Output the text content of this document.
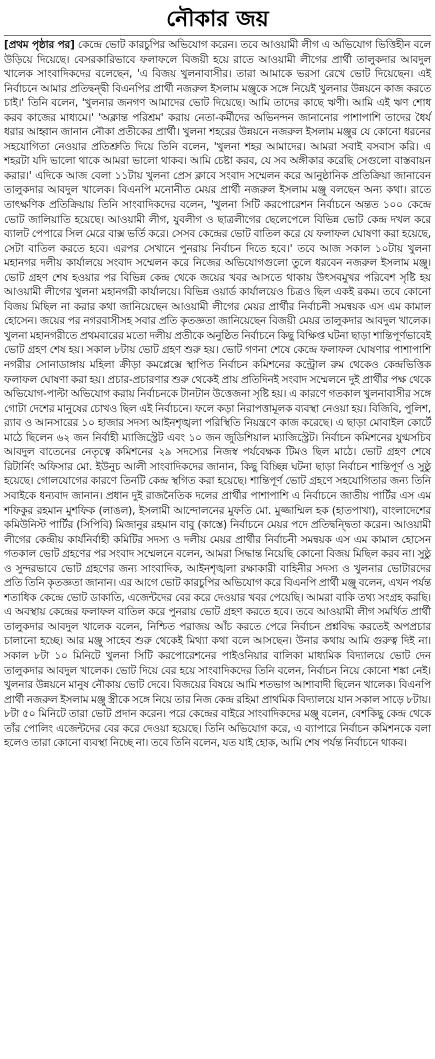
নৌকার জয়

[প্রথম পৃষ্ঠার পর] কেন্দ্রে ভোট কারচুপির অভিযোগ করেন। তবে আওয়ামী লীগ এ অভিযোগ ভিত্তিহীন বলে উড়িয়ে দিয়েছে। বেসরকারিভাবে ফলাফলে বিজয়ী হয়ে রাতে আওয়ামী লীগের প্রার্থী তালুকদার আবদুল খালেক সাংবাদিকদের বলেছেন, 'এ বিজয় খুলনাবাসীর। তারা আমাকে ভরসা রেখে ভোট দিয়েছেন। এই নির্বাচনে আমার প্রতিদ্বন্দ্বী বিএনপির প্রার্থী নজরুল ইসলাম মঞ্জুকে সঙ্গে নিয়েই খুলনার উন্নয়নে কাজ করতে চাই।' তিনি বলেন, 'খুলনার জনগণ আমাদের ভোট দিয়েছে। আমি তাদের কাছে ঋণী। আমি এই ঋণ শোধ করব কাজের মাধ্যমে।' 'অক্লান্ত পরিশ্রম' করায় নেতা-কর্মীদের অভিনন্দন জানানোর পাশাপাশি তাদের ধৈর্য ধরার আহ্বান জানান নৌকা প্রতীকের প্রার্থী। খুলনা শহরের উন্নয়নে নজরুল ইসলাম মঞ্জুর যে কোনো ধরনের সহযোগিতা নেওয়ার প্রতিশ্রুতি দিয়ে তিনি বলেন, 'খুলনা শহর আমাদের। আমরা সবাই বসবাস করি। এ শহরটা যদি ভালো থাকে আমরা ভালো থাকব। আমি চেষ্টা করব, যে সব অঙ্গীকার করেছি সেগুলো বাস্তবায়ন করার।' এদিকে আজ বেলা ১১টায় খুলনা প্রেস ক্লাবে সংবাদ সম্মেলন করে আনুষ্ঠানিক প্রতিক্রিয়া জানাবেন তালুকদার আবদুল খালেক। বিএনপি মনোনীত মেয়র প্রার্থী নজরুল ইসলাম মঞ্জু বলছেন অন্য কথা। রাতে তাৎক্ষণিক প্রতিক্রিয়ায় তিনি সাংবাদিকদের বলেন, 'খুলনা সিটি করপোরেশন নির্বাচনে অন্তত ১০০ কেন্দ্রে ভোট জালিয়াতি হয়েছে। আওয়ামী লীগ, যুবলীগ ও ছাত্রলীগের ছেলেপেলে বিভিন্ন ভোট কেন্দ্র দখল করে ব্যালট পেপারে সিল মেরে বাক্স ভর্তি করে। সেসব কেন্দ্রের ভোট বাতিল করে যে ফলাফল ঘোষণা করা হয়েছে, সেটা বাতিল করতে হবে। এরপর সেখানে পুনরায় নির্বাচন দিতে হবে।' তবে আজ সকাল ১০টায় খুলনা মহানগর দলীয় কার্যালয়ে সংবাদ সম্মেলন করে নিজের অভিযোগগুলো তুলে ধরবেন নজরুল ইসলাম মঞ্জু। ভোট গ্রহণ শেষ হওয়ার পর বিভিন্ন কেন্দ্র থেকে জয়ের খবর আসতে থাকায় উৎসবমুখর পরিবেশ সৃষ্টি হয় আওয়ামী লীগের খুলনা মহানগরী কার্যালয়ে। বিভিন্ন ওয়ার্ড কার্যালয়েও চিত্রও ছিল একই রকম। তবে কোনো বিজয় মিছিল না করার কথা জানিয়েছেন আওয়ামী লীগের মেয়র প্রার্থীর নির্বাচনী সমন্বয়ক এস এম কামাল হোসেন। জয়ের পর নগরবাসীসহ সবার প্রতি কৃতজ্ঞতা জানিয়েছেন বিজয়ী মেয়র তালুকদার আবদুল খালেক। খুলনা মহানগরীতে প্রথমবারের মতো দলীয় প্রতীকে অনুষ্ঠিত নির্বাচনে কিছু বিক্ষিপ্ত ঘটনা ছাড়া শান্তিপূর্ণভাবেই ভোট গ্রহণ শেষ হয়। সকাল ৮টায় ভোট গ্রহণ শুরু হয়। ভোট গণনা শেষে কেন্দ্রে ফলাফল ঘোষণার পাশাপাশি নগরীর সোনাডাঙ্গায় মহিলা ক্রীড়া কমপ্লেক্সে স্থাপিত নির্বাচন কমিশনের কন্ট্রোল রুম থেকেও কেন্দ্রভিত্তিক ফলাফল ঘোষণা করা হয়। প্রচার-প্রচারণার শুরু থেকেই প্রায় প্রতিদিনই সংবাদ সম্মেলনে দুই প্রার্থীর পক্ষ থেকে অভিযোগ-পাল্টা অভিযোগ করায় নির্বাচনকে টানটান উত্তেজনা সৃষ্টি হয়। এ কারণে গতকাল খুলনাবাসীর সঙ্গে গোটা দেশের মানুষের চোখও ছিল এই নির্বাচনে। ফলে কড়া নিরাপত্তামূলক ব্যবস্থা নেওয়া হয়। বিজিবি, পুলিশ, র‌্যাব ও আনসারের ১০ হাজার সদস্য আইনশৃঙ্খলা পরিস্থিতি নিয়ন্ত্রণে কাজ করেছে। এ ছাড়া মোবাইল কোর্টে মাঠে ছিলেন ৬২ জন নির্বাহী ম্যাজিস্ট্রেট এবং ১০ জন জুডিশিয়াল ম্যাজিস্ট্রেট। নির্বাচন কমিশনের যুগ্মসচিব আবদুল বাতেনের নেতৃত্বে কমিশনের ২৯ সদস্যের নিজস্ব পর্যবেক্ষক টিমও ছিল মাঠে। ভোট গ্রহণ শেষে রিটার্নিং অফিসার মো. ইউনুচ আলী সাংবাদিকদের জানান, কিছু বিচ্ছিন্ন ঘটনা ছাড়া নির্বাচন শান্তিপূর্ণ ও সুষ্ঠু হয়েছে। গোলযোগের কারণে তিনটি কেন্দ্র স্থগিত করা হয়েছে। শান্তিপূর্ণ ভোট গ্রহণে সহযোগিতার জন্য তিনি সবাইকে ধন্যবাদ জানান। প্রধান দুই রাজনৈতিক দলের প্রার্থীর পাশাপাশি এ নির্বাচনে জাতীয় পার্টির এস এম শফিকুর রহমান মুশফিক (লাঙল), ইসলামী আন্দোলনের মুফতি মো. মুজ্জাম্মিল হক (হাতপাখা), বাংলাদেশের কমিউনিস্ট পার্টির (সিপিবি) মিজানুর রহমান বাবু (কাস্তে) নির্বাচনে মেয়র পদে প্রতিদ্বন্দ্বিতা করেন। আওয়ামী লীগের কেন্দ্রীয় কার্যনির্বাহী কমিটির সদস্য ও দলীয় মেয়র প্রার্থীর নির্বাচনী সমন্বয়ক এস এম কামাল হোসেন গতকাল ভোট গ্রহণের পর সংবাদ সম্মেলনে বলেন, আমরা সিদ্ধান্ত নিয়েছি কোনো বিজয় মিছিল করব না। সুষ্ঠু ও সুন্দরভাবে ভোট গ্রহণের জন্য সাংবাদিক, আইনশৃঙ্খলা রক্ষাকারী বাহিনীর সদস্য ও খুলনার ভোটারদের প্রতি তিনি কৃতজ্ঞতা জানান। এর আগে ভোট কারচুপির অভিযোগ করে বিএনপি প্রার্থী মঞ্জু বলেন, এখন পর্যন্ত শতাধিক কেন্দ্রে ভোট ডাকাতি, এজেন্টদের বের করে দেওয়ার খবর পেয়েছি। আমরা বাকি তথ্য সংগ্রহ করছি। এ অবস্থায় কেন্দ্রের ফলাফল বাতিল করে পুনরায় ভোট গ্রহণ করতে হবে। তবে আওয়ামী লীগ সমর্থিত প্রার্থী তালুকদার আবদুল খালেক বলেন, নিশ্চিত পরাজয় আঁচ করতে পেরে নির্বাচন প্রশ্নবিদ্ধ করতেই অপপ্রচার চালানো হচ্ছে। আর মঞ্জু সাহেব শুরু থেকেই মিথ্যা কথা বলে আসছেন। উনার কথায় আমি গুরুত্ব দিই না। সকাল ৮টা ১০ মিনিটে খুলনা সিটি করপোরেশনের পাইওনিয়ার বালিকা মাধ্যমিক বিদ্যালয়ে ভোট দেন তালুকদার আবদুল খালেক। ভোট দিয়ে বের হয়ে সাংবাদিকদের তিনি বলেন, নির্বাচন নিয়ে কোনো শঙ্কা নেই। খুলনার উন্নয়নে মানুষ নৌকায় ভোট দেবে। বিজয়ের বিষয়ে আমি শতভাগ আশাবাদী ছিলেন খালেক। বিএনপি প্রার্থী নজরুল ইসলাম মঞ্জু স্ত্রীকে সঙ্গে নিয়ে তার নিজ কেন্দ্র রহিমা প্রাথমিক বিদ্যালয়ে যান সকাল সাড়ে ৮টায়। ৮টা ৫০ মিনিটে তারা ভোট প্রদান করেন। পরে কেন্দ্রের বাইরে সাংবাদিকদের মঞ্জু বলেন, বেশকিছু কেন্দ্র থেকে তাঁর পোলিং এজেন্টদের বের করে দেওয়া হয়েছে। তিনি অভিযোগ করে, এ ব্যাপারে নির্বাচন কমিশনকে বলা হলেও তারা কোনো ব্যবস্থা নিচ্ছে না। তবে তিনি বলেন, যত যাই হোক, আমি শেষ পর্যন্ত নির্বাচনে থাকব।
